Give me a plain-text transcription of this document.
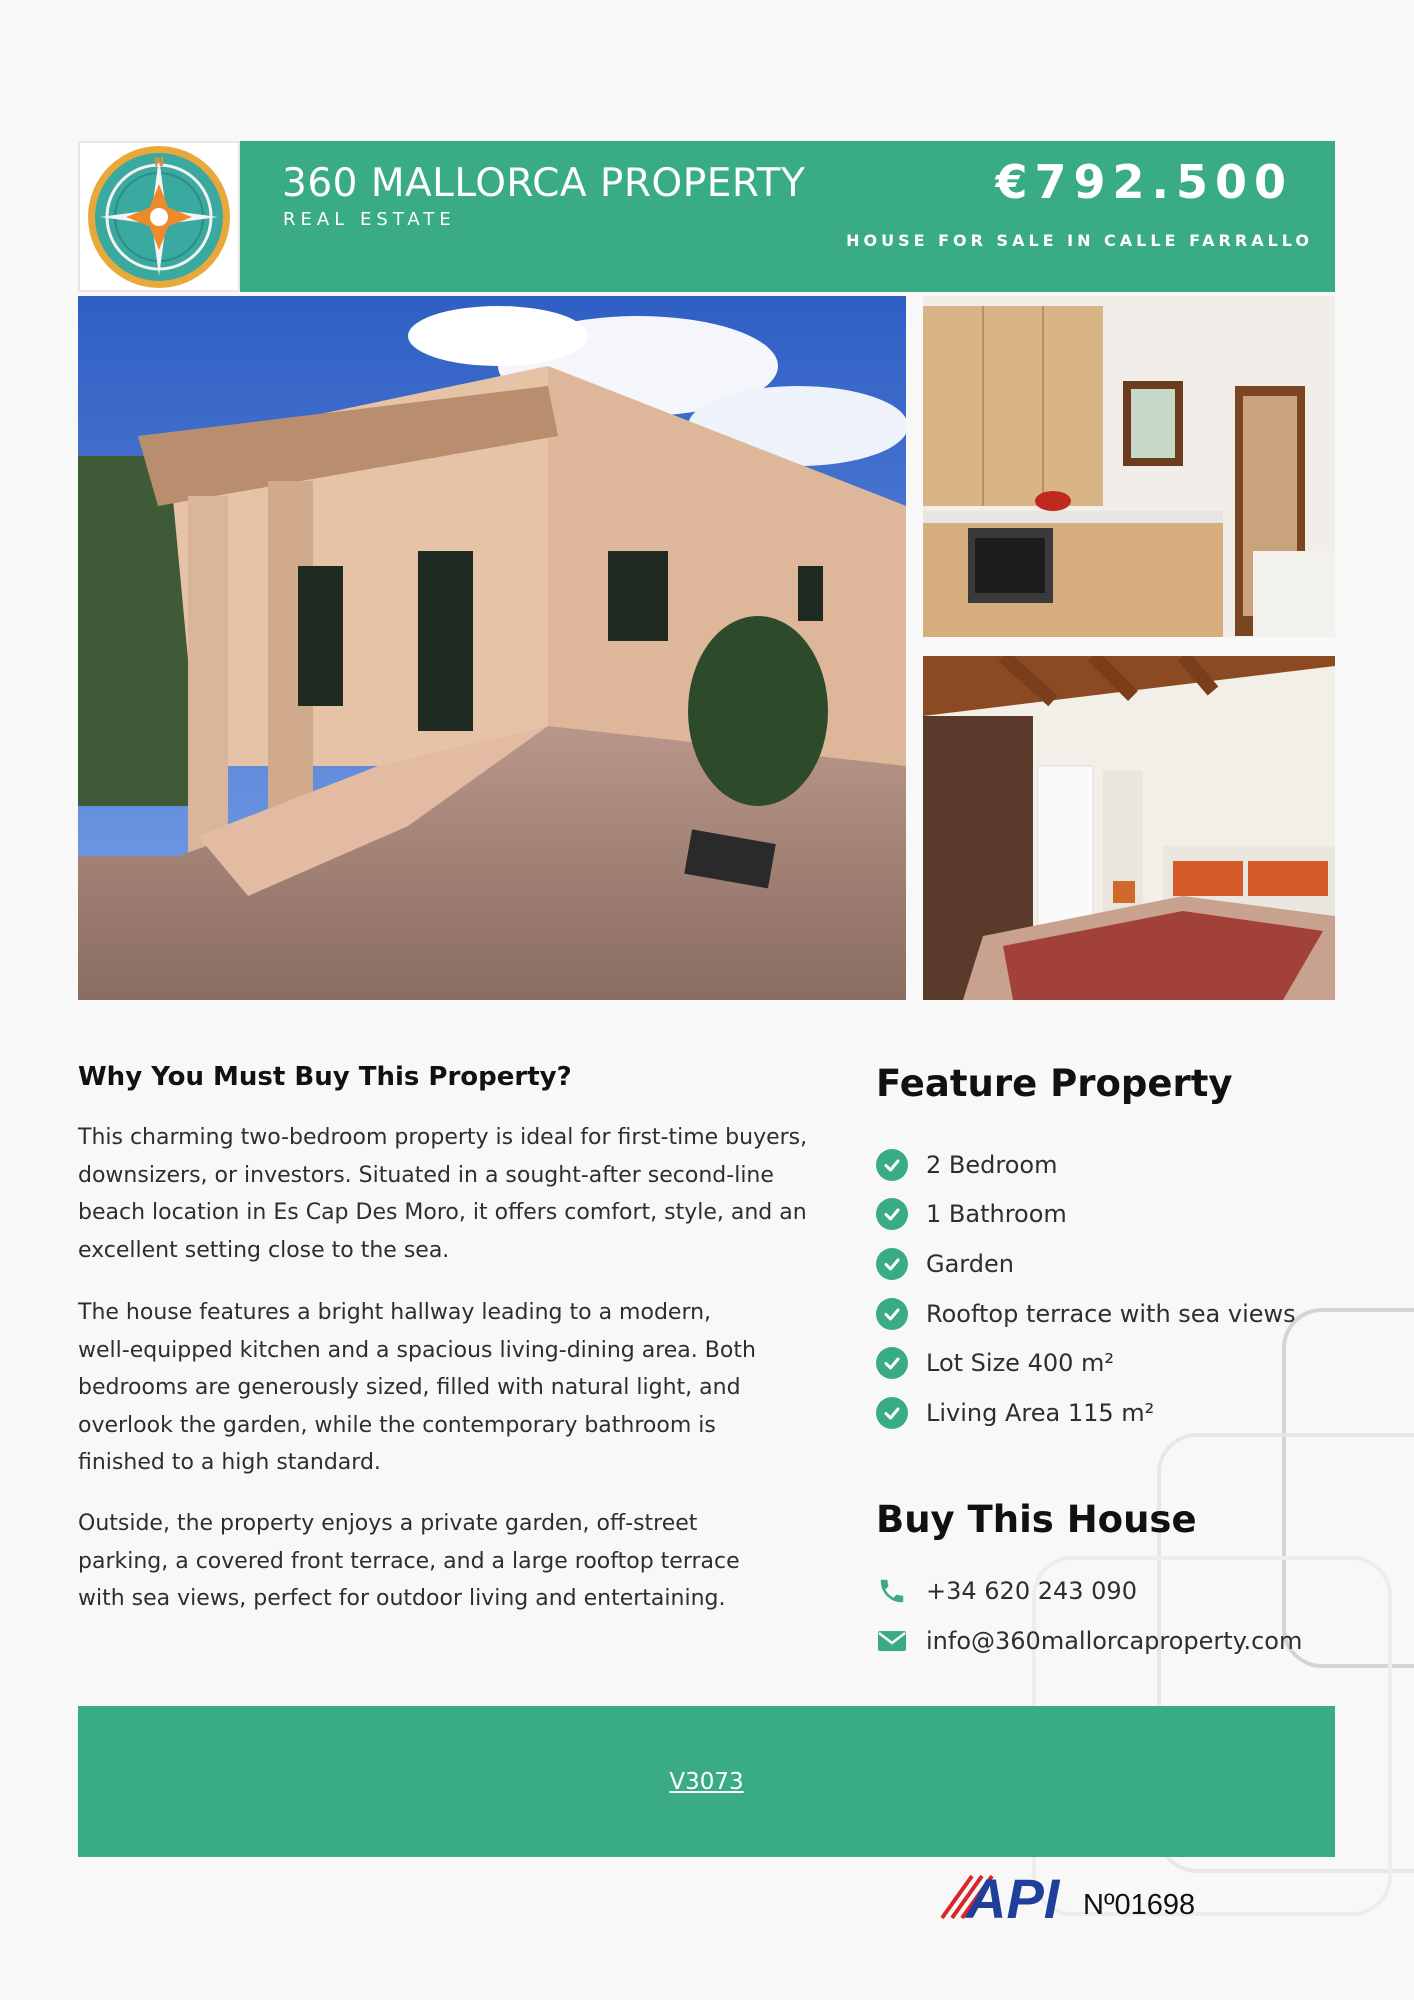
N	360 MALLORCA PROPERTY
REAL ESTATE
€792.500
HOUSE FOR SALE IN CALLE FARRALLO
Why You Must Buy This Property?

This charming two-bedroom property is ideal for first-time buyers, downsizers, or investors. Situated in a sought-after second-line beach location in Es Cap Des Moro, it offers comfort, style, and an excellent setting close to the sea.

The house features a bright hallway leading to a modern, well-equipped kitchen and a spacious living-dining area. Both bedrooms are generously sized, filled with natural light, and overlook the garden, while the contemporary bathroom is finished to a high standard.

Outside, the property enjoys a private garden, off-street parking, a covered front terrace, and a large rooftop terrace with sea views, perfect for outdoor living and entertaining.

Feature Property
2 Bedroom
1 Bathroom
Garden
Rooftop terrace with sea views
Lot Size 400 m²
Living Area 115 m²
Buy This House
+34 620 243 090
info@360mallorcaproperty.com
V3073
API Nº01698
